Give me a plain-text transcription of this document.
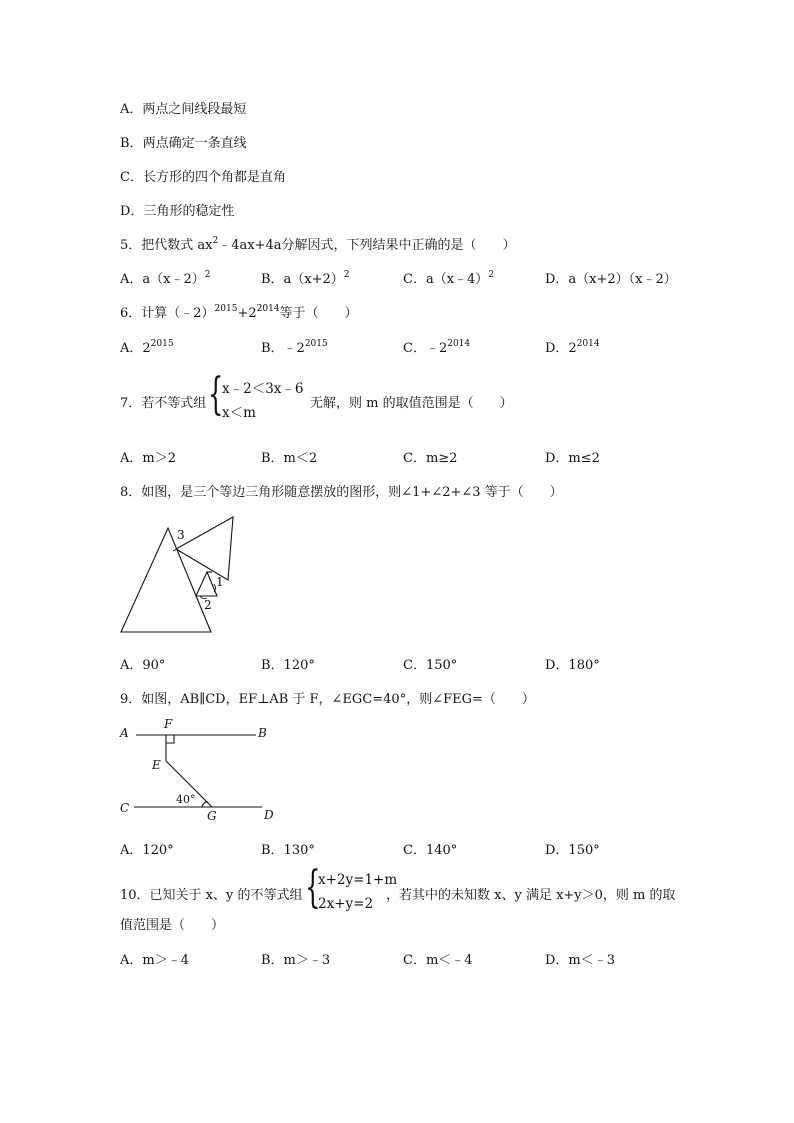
A．两点之间线段最短
B．两点确定一条直线
C．长方形的四个角都是直角
D．三角形的稳定性
5．把代数式 $ax^2﹣4ax+4a$分解因式，下列结果中正确的是（　　）
A．a（x﹣2）$^2$	B．$a(x+2)^2$	C．a（x﹣4）$^2$	D．a（x+2）（x﹣2）
6．计算$(﹣2)^{2015}+2^{2014}$等于（　　）
A．$2^{2015}$	B．$﹣2^{2015}$	C．$﹣2^{2014}$	D．$2^{2014}$
7．若不等式组 {
x﹣2＜3x﹣6
x＜m
无解，则 m 的取值范围是（　　）
A．m＞2	B．m＜2	C．m≥2	D．m≤2
8．如图，是三个等边三角形随意摆放的图形，则∠1+∠2+∠3 等于（　　）
3
1
2
A．90°	B．120°	C．150°	D．180°
9．如图，AB∥CD，EF⊥AB 于 F，∠EGC=40°，则∠FEG=（　　）
A	B
F
E
C	D
G
40°
A．120°	B．130°	C．140°	D．150°
10．已知关于 x、y 的不等式组 {
x+2y=1+m
2x+y=2
，若其中的未知数 x、y 满足 x+y＞0，则 m 的取
值范围是（　　）
A．m＞﹣4	B．m＞﹣3	C．m＜﹣4	D．m＜﹣3
